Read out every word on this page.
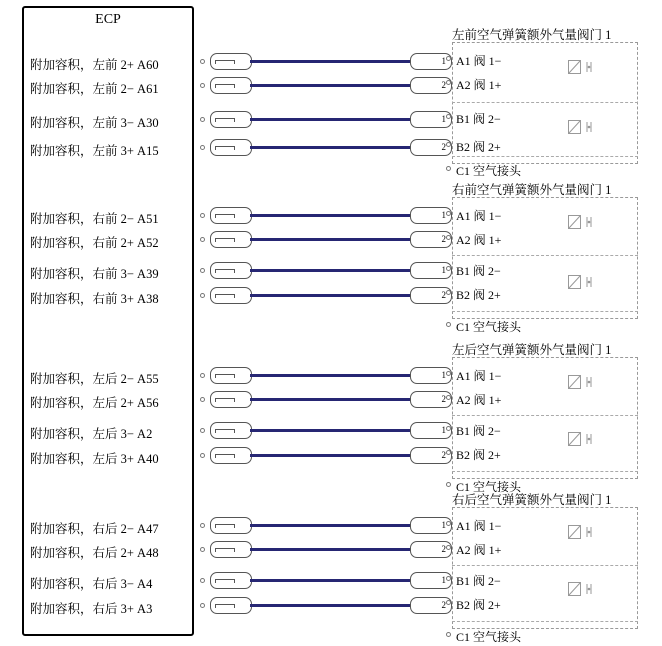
ECP
附加容积，左前 2+ A60
附加容积，左前 2− A61
附加容积，左前 3− A30
附加容积，左前 3+ A15
1
2
1
2
左前空气弹簧额外气量阀门 1
A1 阀 1−
A2 阀 1+
B1 阀 2−
B2 阀 2+
C1 空气接头
附加容积，右前 2− A51
附加容积，右前 2+ A52
附加容积，右前 3− A39
附加容积，右前 3+ A38
1
2
1
2
右前空气弹簧额外气量阀门 1
A1 阀 1−
A2 阀 1+
B1 阀 2−
B2 阀 2+
C1 空气接头
附加容积，左后 2− A55
附加容积，左后 2+ A56
附加容积，左后 3− A2
附加容积，左后 3+ A40
1
2
1
2
左后空气弹簧额外气量阀门 1
A1 阀 1−
A2 阀 1+
B1 阀 2−
B2 阀 2+
C1 空气接头
附加容积，右后 2− A47
附加容积，右后 2+ A48
附加容积，右后 3− A4
附加容积，右后 3+ A3
1
2
1
2
右后空气弹簧额外气量阀门 1
A1 阀 1−
A2 阀 1+
B1 阀 2−
B2 阀 2+
C1 空气接头
